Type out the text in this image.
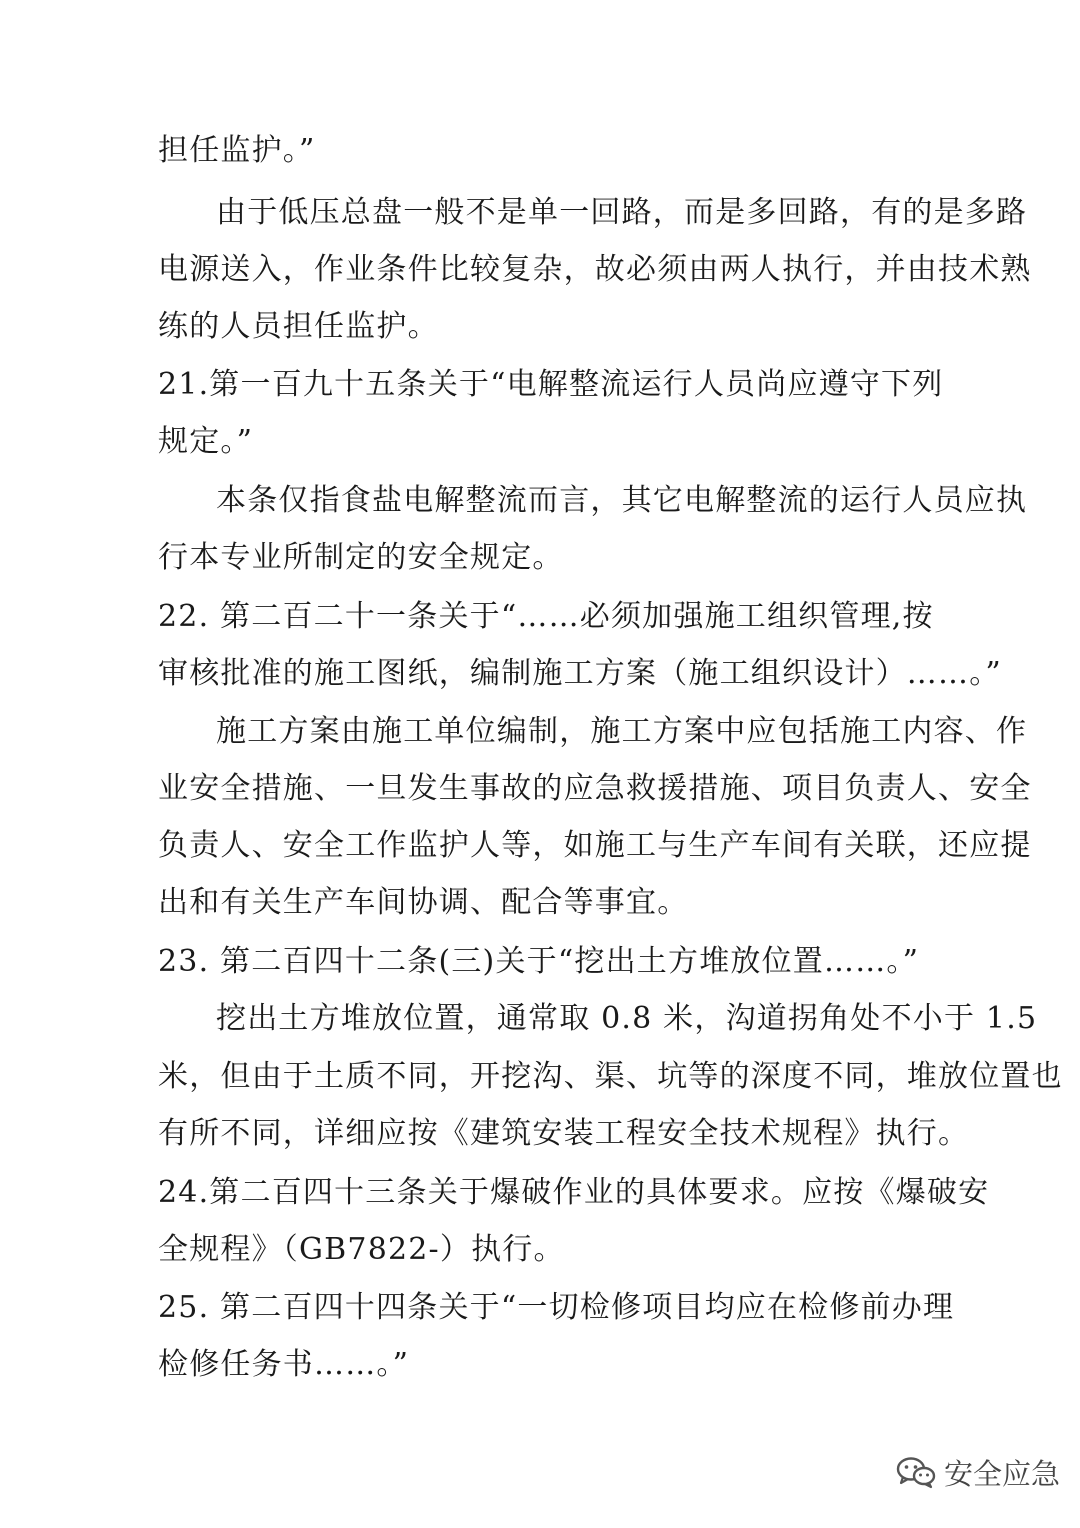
担任监护。”
由于低压总盘一般不是单一回路，而是多回路，有的是多路
电源送入，作业条件比较复杂，故必须由两人执行，并由技术熟
练的人员担任监护。
21.第一百九十五条关于“电解整流运行人员尚应遵守下列
规定。”
本条仅指食盐电解整流而言，其它电解整流的运行人员应执
行本专业所制定的安全规定。
22. 第二百二十一条关于“……必须加强施工组织管理,按
审核批准的施工图纸，编制施工方案（施工组织设计）……。”
施工方案由施工单位编制，施工方案中应包括施工内容、作
业安全措施、一旦发生事故的应急救援措施、项目负责人、安全
负责人、安全工作监护人等，如施工与生产车间有关联，还应提
出和有关生产车间协调、配合等事宜。
23. 第二百四十二条(三)关于“挖出土方堆放位置……。”
挖出土方堆放位置，通常取 0.8 米，沟道拐角处不小于 1.5
米，但由于土质不同，开挖沟、渠、坑等的深度不同，堆放位置也
有所不同，详细应按《建筑安装工程安全技术规程》执行。
24.第二百四十三条关于爆破作业的具体要求。应按《爆破安
全规程》（GB7822-）执行。
25. 第二百四十四条关于“一切检修项目均应在检修前办理
检修任务书……。”
安全应急
